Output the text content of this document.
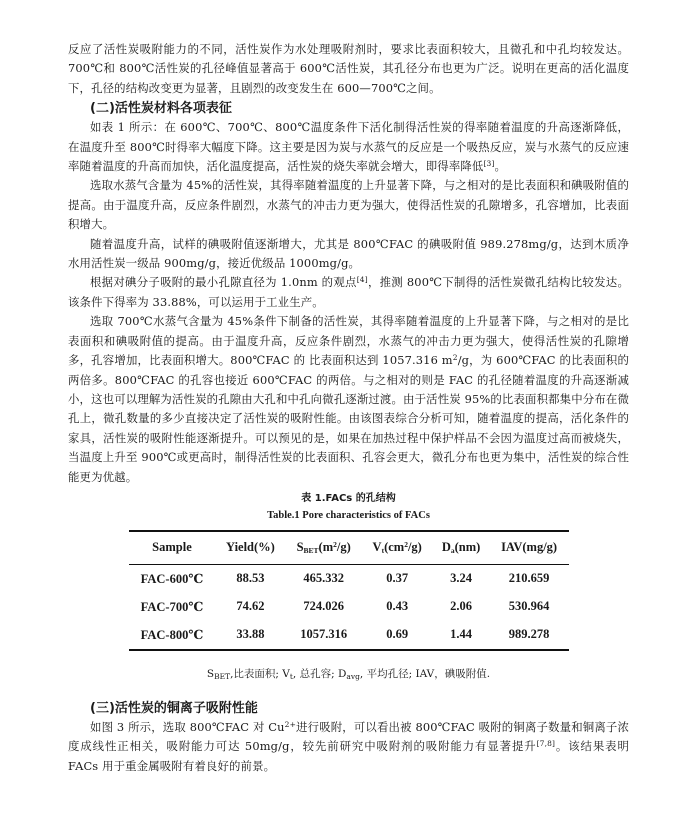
反应了活性炭吸附能力的不同，活性炭作为水处理吸附剂时，要求比表面积较大，且微孔和中孔均较发达。700℃和 800℃活性炭的孔径峰值显著高于 600℃活性炭，其孔径分布也更为广泛。说明在更高的活化温度下，孔径的结构改变更为显著，且剧烈的改变发生在 600—700℃之间。

(二)活性炭材料各项表征

如表 1 所示：在 600℃、700℃、800℃温度条件下活化制得活性炭的得率随着温度的升高逐渐降低，在温度升至 800℃时得率大幅度下降。这主要是因为炭与水蒸气的反应是一个吸热反应，炭与水蒸气的反应速率随着温度的升高而加快，活化温度提高，活性炭的烧失率就会增大，即得率降低[3]。

选取水蒸气含量为 45%的活性炭，其得率随着温度的上升显著下降，与之相对的是比表面积和碘吸附值的提高。由于温度升高，反应条件剧烈，水蒸气的冲击力更为强大，使得活性炭的孔隙增多，孔容增加，比表面积增大。

随着温度升高，试样的碘吸附值逐渐增大，尤其是 800℃FAC 的碘吸附值 989.278mg/g，达到木质净水用活性炭一级品 900mg/g，接近优级品 1000mg/g。

根据对碘分子吸附的最小孔隙直径为 1.0nm 的观点[4]，推测 800℃下制得的活性炭微孔结构比较发达。该条件下得率为 33.88%，可以运用于工业生产。

选取 700℃水蒸气含量为 45%条件下制备的活性炭，其得率随着温度的上升显著下降，与之相对的是比表面积和碘吸附值的提高。由于温度升高，反应条件剧烈，水蒸气的冲击力更为强大，使得活性炭的孔隙增多，孔容增加，比表面积增大。800℃FAC 的 比表面积达到 1057.316 $m^2/g$，为 600℃FAC 的比表面积的两倍多。800℃FAC 的孔容也接近 600℃FAC 的两倍。与之相对的则是 FAC 的孔径随着温度的升高逐渐减小，这也可以理解为活性炭的孔隙由大孔和中孔向微孔逐渐过渡。由于活性炭 95%的比表面积都集中分布在微孔上，微孔数量的多少直接决定了活性炭的吸附性能。由该图表综合分析可知，随着温度的提高，活化条件的家具，活性炭的吸附性能逐渐提升。可以预见的是，如果在加热过程中保护样品不会因为温度过高而被烧失，当温度上升至 900℃或更高时，制得活性炭的比表面积、孔容会更大，微孔分布也更为集中，活性炭的综合性能更为优越。

表 1.FACs 的孔结构
Table.1 Pore characteristics of FACs
Sample	Yield(%)	$S_{BET}(m^2/g)$	$V_t(cm^2/g)$	$D_a(nm)$	IAV(mg/g)
FAC-600℃	88.53	465.332	0.37	3.24	210.659
FAC-700℃	74.62	724.026	0.43	2.06	530.964
FAC-800℃	33.88	1057.316	0.69	1.44	989.278
$S_{BET}$,比表面积; $V_t$, 总孔容; $D_{avg}$, 平均孔径; IAV，碘吸附值.
(三)活性炭的铜离子吸附性能

如图 3 所示，选取 800℃FAC 对 $Cu^{2+}$进行吸附，可以看出被 800℃FAC 吸附的铜离子数量和铜离子浓度成线性正相关，吸附能力可达 50mg/g，较先前研究中吸附剂的吸附能力有显著提升[7,8]。该结果表明 FACs 用于重金属吸附有着良好的前景。
